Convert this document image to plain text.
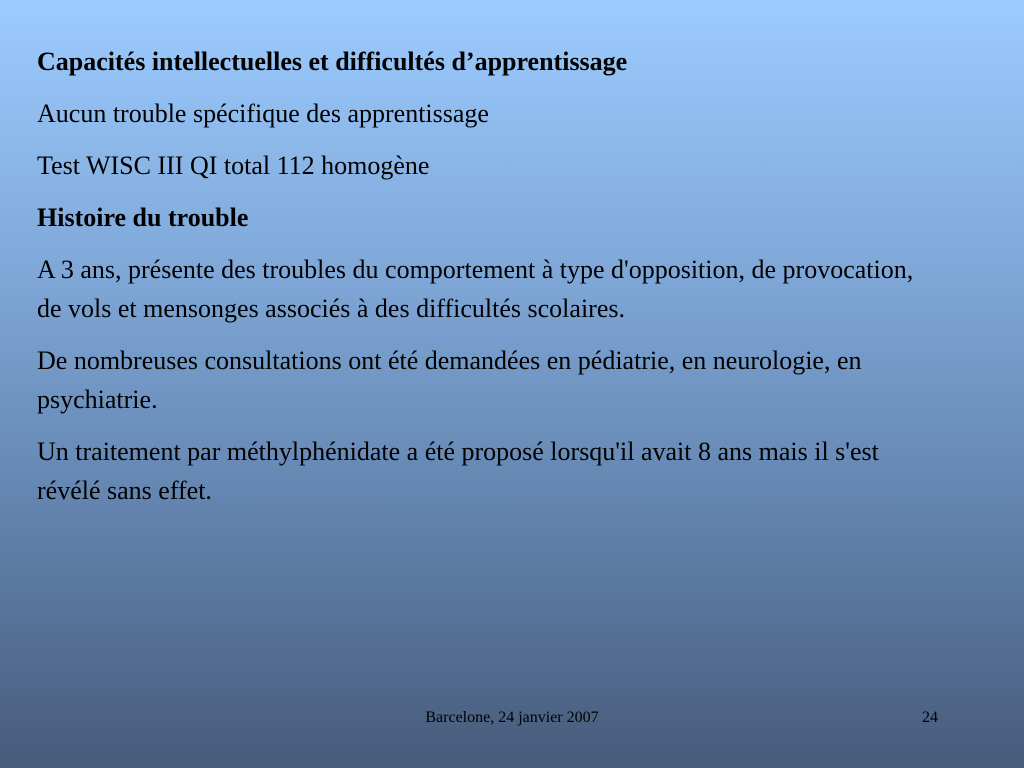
Capacités intellectuelles et difficultés d’apprentissage

Aucun trouble spécifique des apprentissage

Test WISC III QI total 112 homogène

Histoire du trouble

A 3 ans, présente des troubles du comportement à type d'opposition, de provocation, de vols et mensonges associés à des difficultés scolaires.

De nombreuses consultations ont été demandées en pédiatrie, en neurologie, en psychiatrie.

Un traitement par méthylphénidate a été proposé lorsqu'il avait 8 ans mais il s'est révélé sans effet.

Barcelone, 24 janvier 2007	24
